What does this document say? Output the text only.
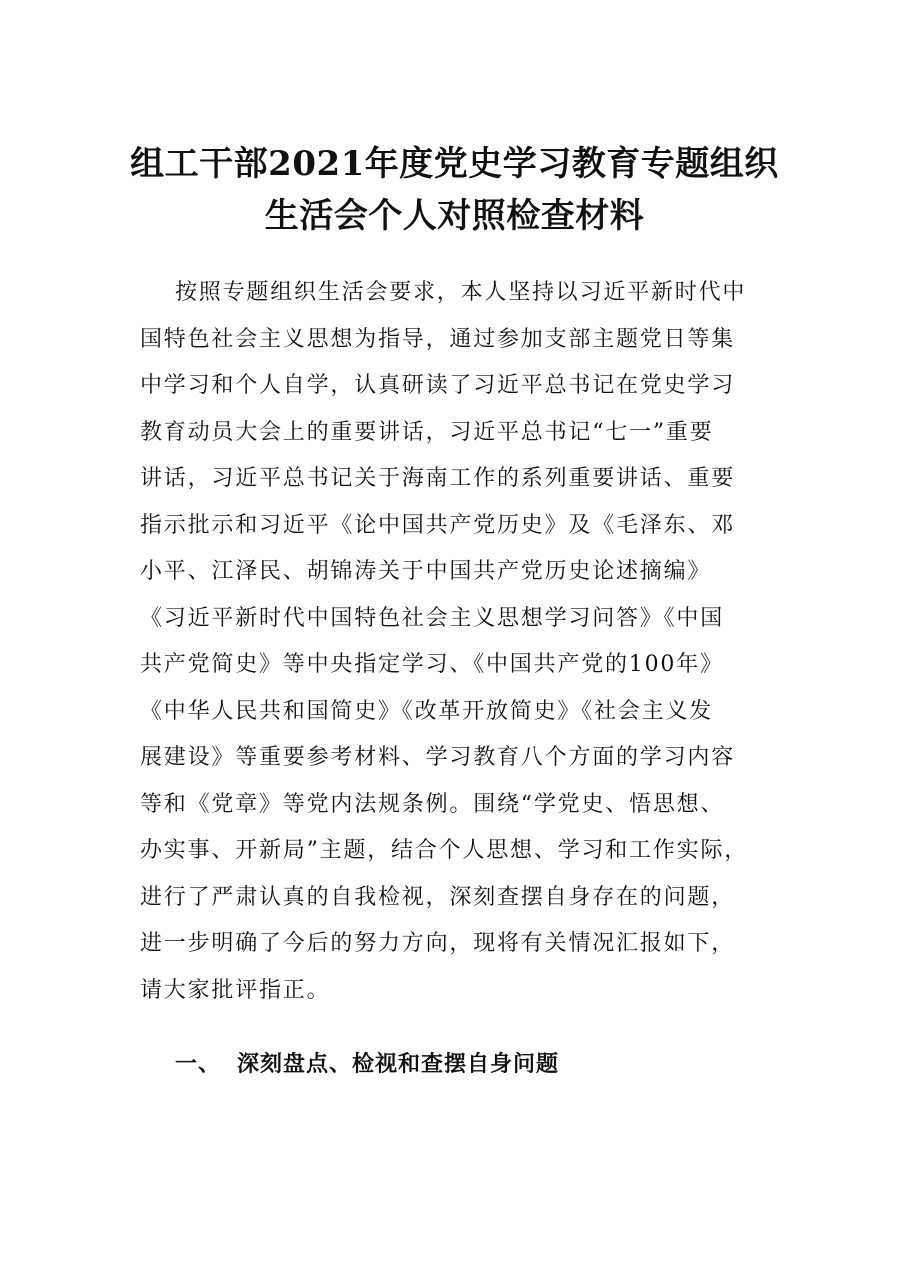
组工干部2021年度党史学习教育专题组织
生活会个人对照检查材料

按照专题组织生活会要求，本人坚持以习近平新时代中
国特色社会主义思想为指导，通过参加支部主题党日等集
中学习和个人自学，认真研读了习近平总书记在党史学习
教育动员大会上的重要讲话，习近平总书记“七一”重要
讲话，习近平总书记关于海南工作的系列重要讲话、重要
指示批示和习近平《论中国共产党历史》及《毛泽东、邓
小平、江泽民、胡锦涛关于中国共产党历史论述摘编》
《习近平新时代中国特色社会主义思想学习问答》《中国
共产党简史》等中央指定学习、《中国共产党的100年》
《中华人民共和国简史》《改革开放简史》《社会主义发
展建设》等重要参考材料、学习教育八个方面的学习内容
等和《党章》等党内法规条例。围绕“学党史、悟思想、
办实事、开新局”主题，结合个人思想、学习和工作实际，
进行了严肃认真的自我检视，深刻查摆自身存在的问题，
进一步明确了今后的努力方向，现将有关情况汇报如下，
请大家批评指正。

一、 深刻盘点、检视和查摆自身问题
